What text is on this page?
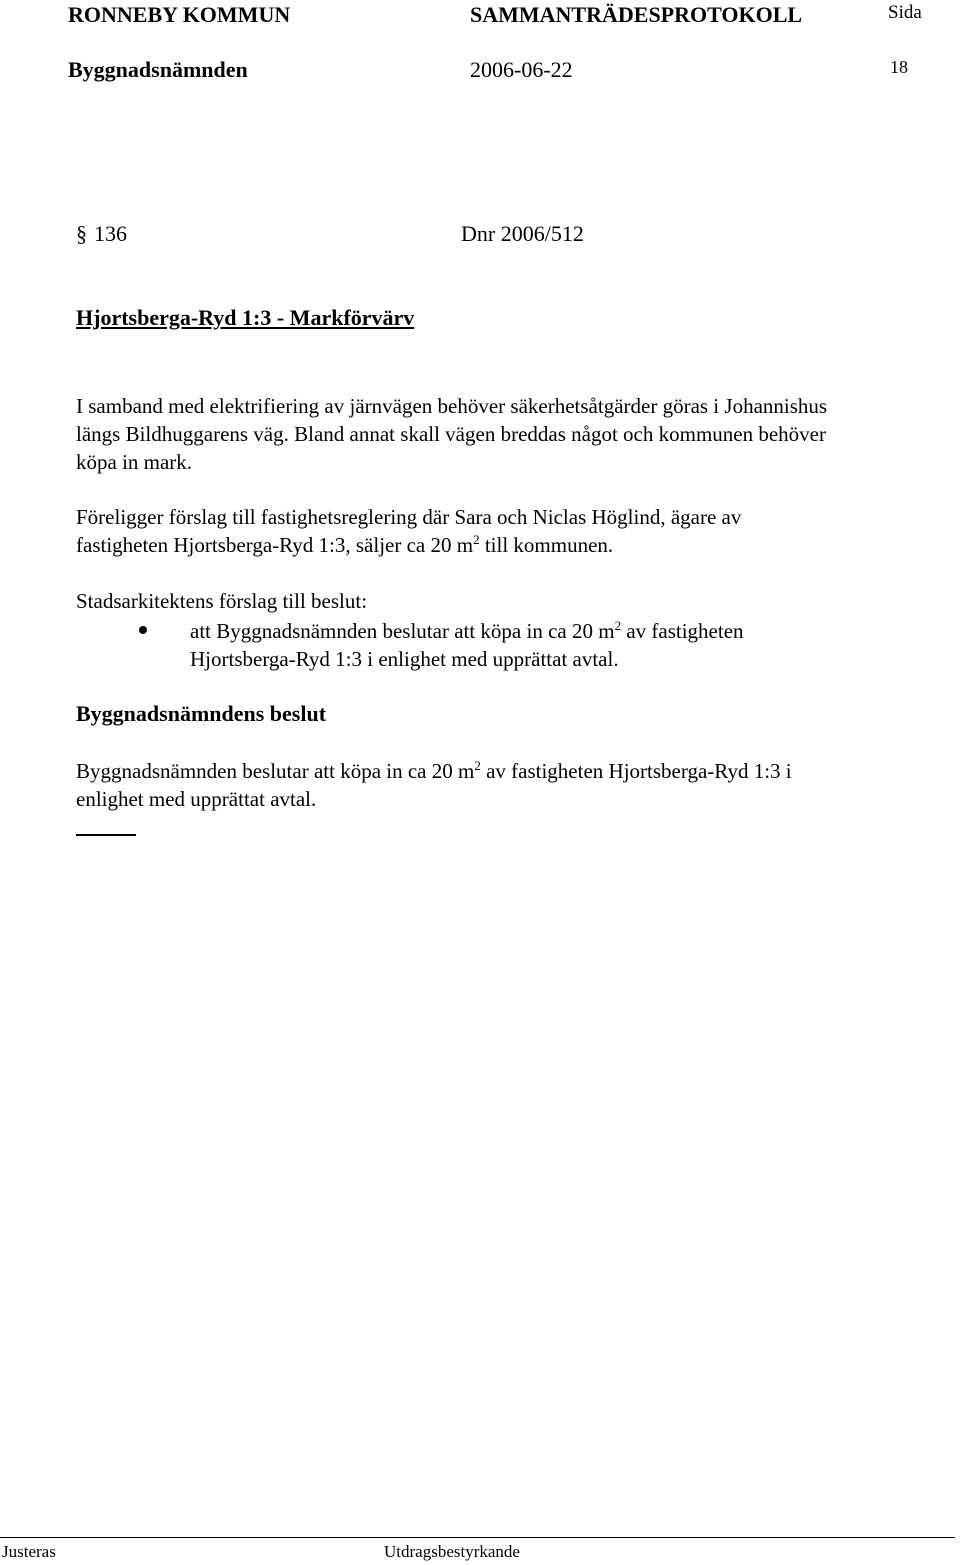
RONNEBY KOMMUN	SAMMANTRÄDESPROTOKOLL	Sida
Byggnadsnämnden	2006-06-22	18
§ 136	Dnr 2006/512
Hjortsberga-Ryd 1:3 - Markförvärv
I samband med elektrifiering av järnvägen behöver säkerhetsåtgärder göras i Johannishus
längs Bildhuggarens väg. Bland annat skall vägen breddas något och kommunen behöver
köpa in mark.
Föreligger förslag till fastighetsreglering där Sara och Niclas Höglind, ägare av
fastigheten Hjortsberga-Ryd 1:3, säljer ca 20 $m^2$ till kommunen.
Stadsarkitektens förslag till beslut:
att Byggnadsnämnden beslutar att köpa in ca 20 $m^2$ av fastigheten
Hjortsberga-Ryd 1:3 i enlighet med upprättat avtal.
Byggnadsnämndens beslut
Byggnadsnämnden beslutar att köpa in ca 20 $m^2$ av fastigheten Hjortsberga-Ryd 1:3 i
enlighet med upprättat avtal.
Justeras	Utdragsbestyrkande
